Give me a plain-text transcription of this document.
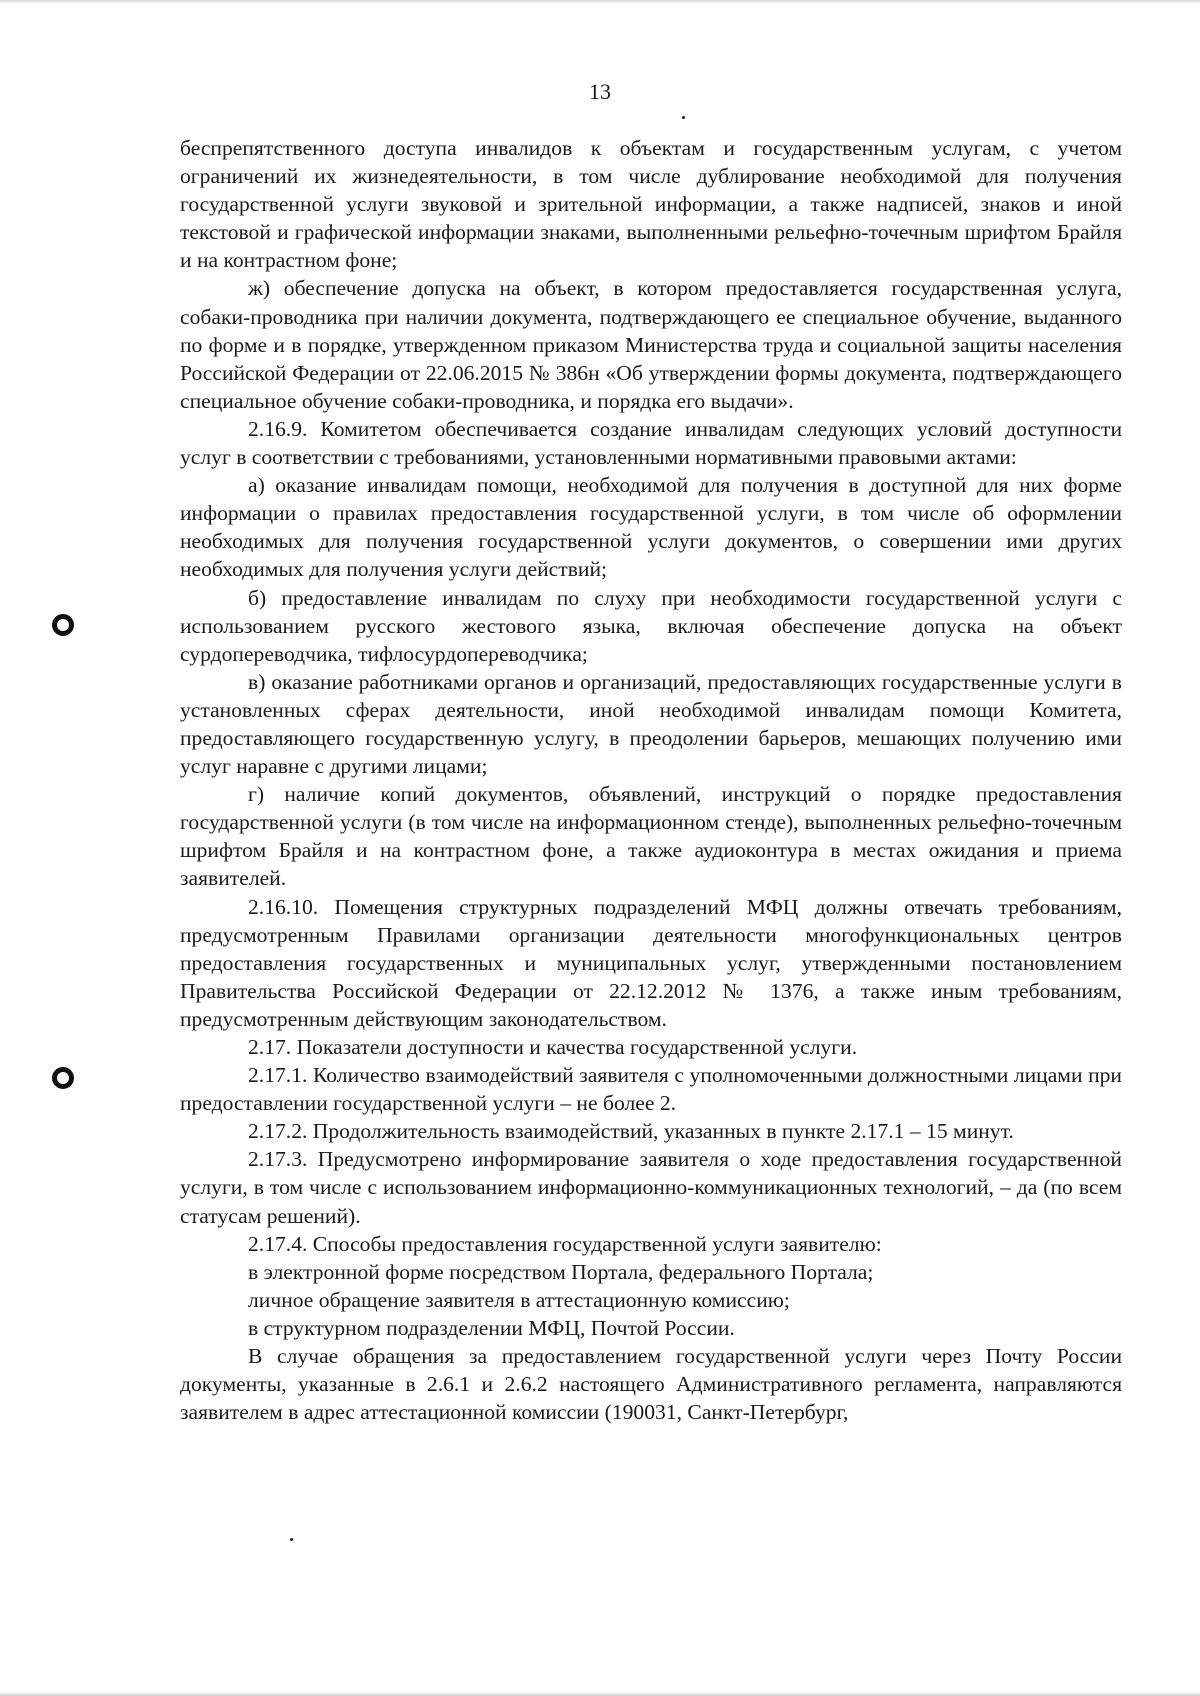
13

беспрепятственного доступа инвалидов к объектам и государственным услугам, с учетом ограничений их жизнедеятельности, в том числе дублирование необходимой для получения государственной услуги звуковой и зрительной информации, а также надписей, знаков и иной текстовой и графической информации знаками, выполненными рельефно-точечным шрифтом Брайля и на контрастном фоне;

ж) обеспечение допуска на объект, в котором предоставляется государственная услуга, собаки-проводника при наличии документа, подтверждающего ее специальное обучение, выданного по форме и в порядке, утвержденном приказом Министерства труда и социальной защиты населения Российской Федерации от 22.06.2015 № 386н «Об утверждении формы документа, подтверждающего специальное обучение собаки-проводника, и порядка его выдачи».

2.16.9. Комитетом обеспечивается создание инвалидам следующих условий доступности услуг в соответствии с требованиями, установленными нормативными правовыми актами:

а) оказание инвалидам помощи, необходимой для получения в доступной для них форме информации о правилах предоставления государственной услуги, в том числе об оформлении необходимых для получения государственной услуги документов, о совершении ими других необходимых для получения услуги действий;

б) предоставление инвалидам по слуху при необходимости государственной услуги с использованием русского жестового языка, включая обеспечение допуска на объект сурдопереводчика, тифлосурдопереводчика;

в) оказание работниками органов и организаций, предоставляющих государственные услуги в установленных сферах деятельности, иной необходимой инвалидам помощи Комитета, предоставляющего государственную услугу, в преодолении барьеров, мешающих получению ими услуг наравне с другими лицами;

г) наличие копий документов, объявлений, инструкций о порядке предоставления государственной услуги (в том числе на информационном стенде), выполненных рельефно-точечным шрифтом Брайля и на контрастном фоне, а также аудиоконтура в местах ожидания и приема заявителей.

2.16.10. Помещения структурных подразделений МФЦ должны отвечать требованиям, предусмотренным Правилами организации деятельности многофункциональных центров предоставления государственных и муниципальных услуг, утвержденными постановлением Правительства Российской Федерации от 22.12.2012 № 1376, а также иным требованиям, предусмотренным действующим законодательством.

2.17. Показатели доступности и качества государственной услуги.

2.17.1. Количество взаимодействий заявителя с уполномоченными должностными лицами при предоставлении государственной услуги – не более 2.

2.17.2. Продолжительность взаимодействий, указанных в пункте 2.17.1 – 15 минут.

2.17.3. Предусмотрено информирование заявителя о ходе предоставления государственной услуги, в том числе с использованием информационно-коммуникационных технологий, – да (по всем статусам решений).

2.17.4. Способы предоставления государственной услуги заявителю:

в электронной форме посредством Портала, федерального Портала;

личное обращение заявителя в аттестационную комиссию;

в структурном подразделении МФЦ, Почтой России.

В случае обращения за предоставлением государственной услуги через Почту России документы, указанные в 2.6.1 и 2.6.2 настоящего Административного регламента, направляются заявителем в адрес аттестационной комиссии (190031, Санкт-Петербург,
